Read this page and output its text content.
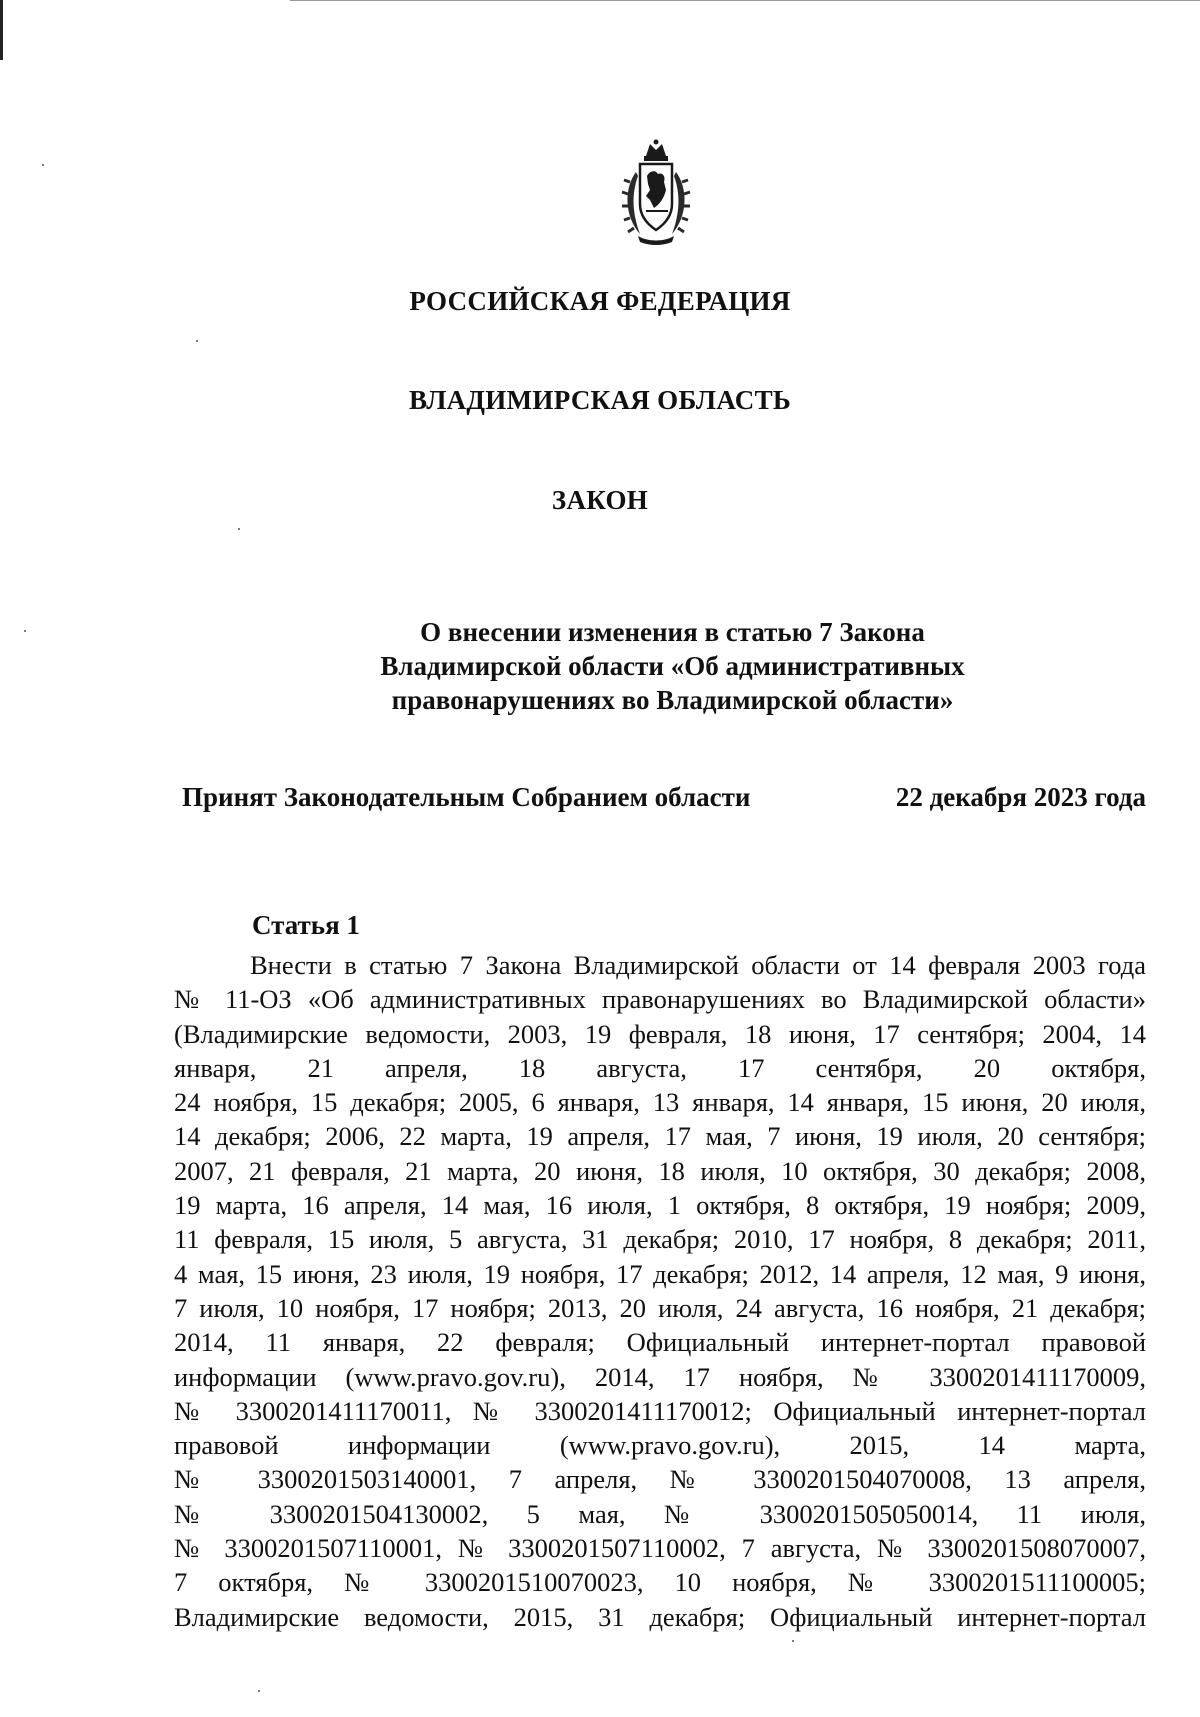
РОССИЙСКАЯ ФЕДЕРАЦИЯ
ВЛАДИМИРСКАЯ ОБЛАСТЬ
ЗАКОН
О внесении изменения в статью 7 Закона
Владимирской области «Об административных
правонарушениях во Владимирской области»
Принят Законодательным Собранием области	22 декабря 2023 года
Статья 1
Внести в статью 7 Закона Владимирской области от 14 февраля 2003 года
№ 11-ОЗ «Об административных правонарушениях во Владимирской области»
(Владимирские ведомости, 2003, 19 февраля, 18 июня, 17 сентября; 2004, 14
января, 21 апреля, 18 августа, 17 сентября, 20 октября,
24 ноября, 15 декабря; 2005, 6 января, 13 января, 14 января, 15 июня, 20 июля,
14 декабря; 2006, 22 марта, 19 апреля, 17 мая, 7 июня, 19 июля, 20 сентября;
2007, 21 февраля, 21 марта, 20 июня, 18 июля, 10 октября, 30 декабря; 2008,
19 марта, 16 апреля, 14 мая, 16 июля, 1 октября, 8 октября, 19 ноября; 2009,
11 февраля, 15 июля, 5 августа, 31 декабря; 2010, 17 ноября, 8 декабря; 2011,
4 мая, 15 июня, 23 июля, 19 ноября, 17 декабря; 2012, 14 апреля, 12 мая, 9 июня,
7 июля, 10 ноября, 17 ноября; 2013, 20 июля, 24 августа, 16 ноября, 21 декабря;
2014, 11 января, 22 февраля; Официальный интернет-портал правовой
информации (www.pravo.gov.ru), 2014, 17 ноября, № 3300201411170009,
№ 3300201411170011, № 3300201411170012; Официальный интернет-портал
правовой информации (www.pravo.gov.ru), 2015, 14 марта,
№ 3300201503140001, 7 апреля, № 3300201504070008, 13 апреля,
№ 3300201504130002, 5 мая, № 3300201505050014, 11 июля,
№ 3300201507110001, № 3300201507110002, 7 августа, № 3300201508070007,
7 октября, № 3300201510070023, 10 ноября, № 3300201511100005;
Владимирские ведомости, 2015, 31 декабря; Официальный интернет-портал
